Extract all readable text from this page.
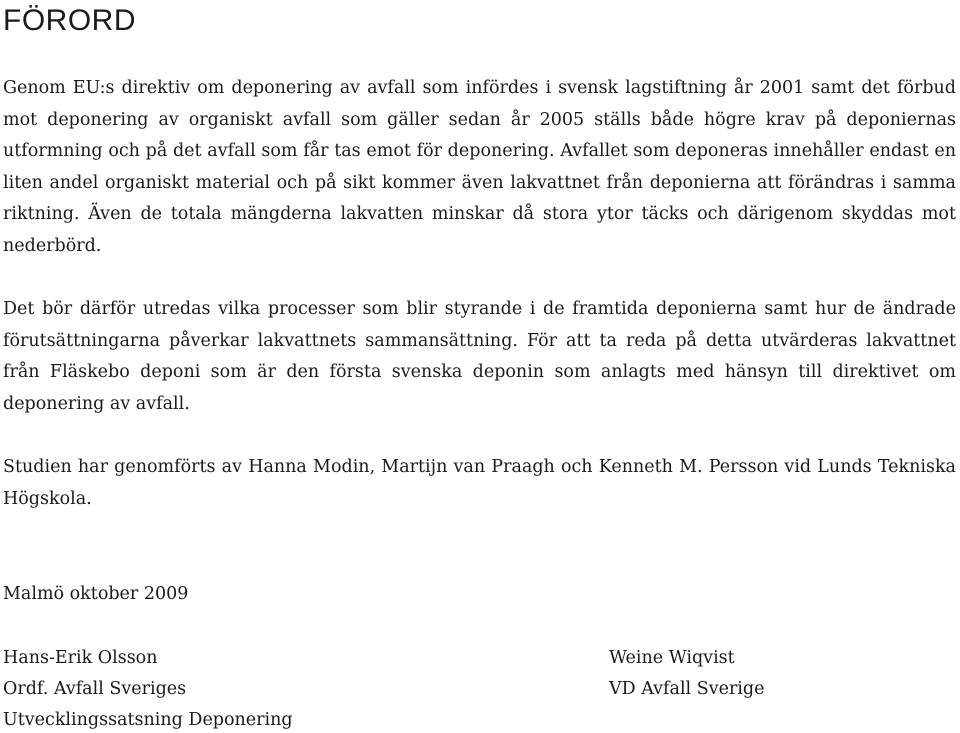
FÖRORD

Genom EU:s direktiv om deponering av avfall som infördes i svensk lagstiftning år 2001 samt det förbud mot deponering av organiskt avfall som gäller sedan år 2005 ställs både högre krav på deponiernas utformning och på det avfall som får tas emot för deponering. Avfallet som deponeras innehåller endast en liten andel organiskt material och på sikt kommer även lakvattnet från deponierna att förändras i samma riktning. Även de totala mängderna lakvatten minskar då stora ytor täcks och därigenom skyddas mot nederbörd.

Det bör därför utredas vilka processer som blir styrande i de framtida deponierna samt hur de ändrade förutsättningarna påverkar lakvattnets sammansättning. För att ta reda på detta utvärderas lakvattnet från Fläskebo deponi som är den första svenska deponin som anlagts med hänsyn till direktivet om deponering av avfall.

Studien har genomförts av Hanna Modin, Martijn van Praagh och Kenneth M. Persson vid Lunds Tekniska Högskola.

Malmö oktober 2009
Hans-Erik Olsson
Ordf. Avfall Sveriges
Utvecklingssatsning Deponering
Weine Wiqvist
VD Avfall Sverige
